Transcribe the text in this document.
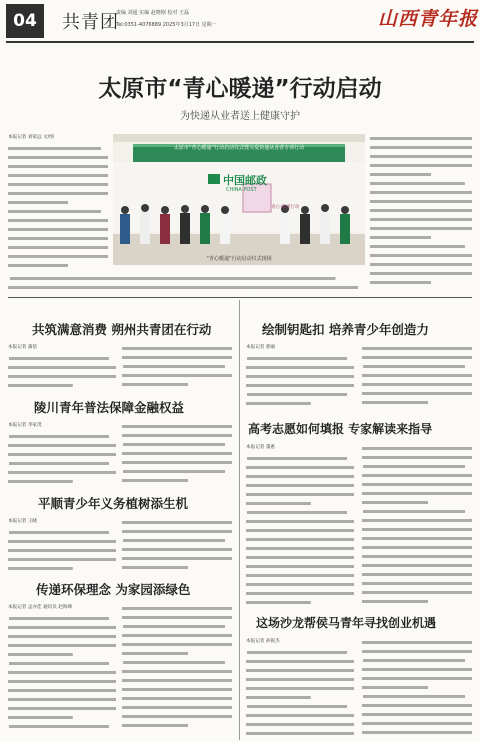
04	共青团
责编 刘通 实编 赵晓刚 校对 王磊
Tel:0351-4076889 2025年3月17日 星期一	山西青年报
太原市“青心暖递”行动启动
为快递从业者送上健康守护
本报记者 刘家远 文/图
太原市“青心暖递”行动启动仪式暨关爱快递从业者专项行动
中国邮政
CHINA POST
青心·暖递行动
“青心暖递”行动启动仪式现场
共筑满意消费 朔州共青团在行动
本报记者 蒲蓓
陵川青年普法保障金融权益
本报记者 李家茂
平顺青少年义务植树添生机
本报记者 王晓
传递环保理念 为家园添绿色
本报记者 孟亦佳 通讯员 赵海峰
绘制钥匙扣 培养青少年创造力
本报记者 郭丽
高考志愿如何填报 专家解读来指导
本报记者 董惠
这场沙龙帮侯马青年寻找创业机遇
本报记者 孙锐杰
